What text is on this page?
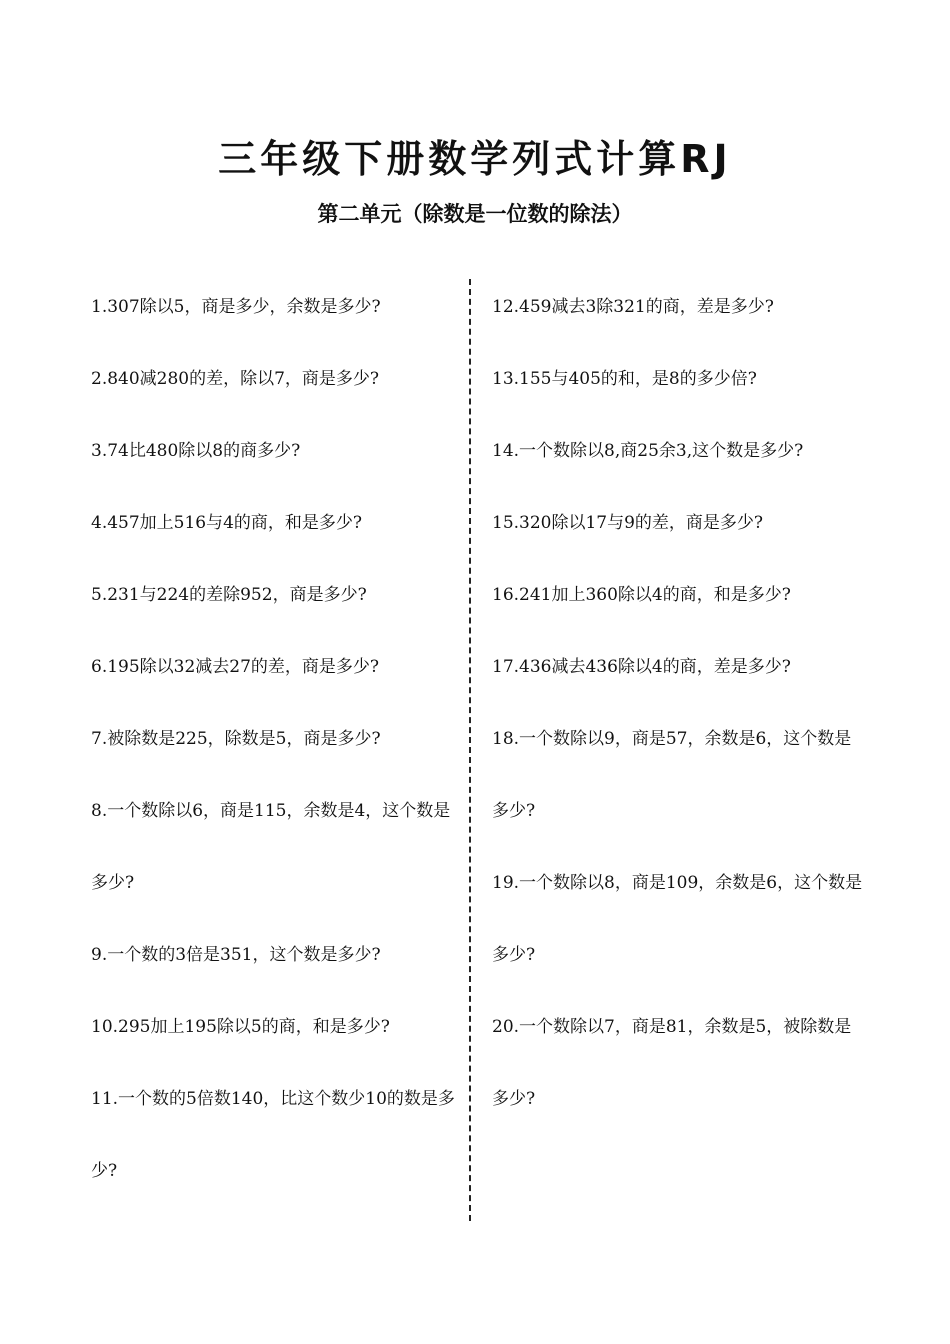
三年级下册数学列式计算RJ
第二单元（除数是一位数的除法）
1.307除以5，商是多少，余数是多少?
2.840减280的差，除以7，商是多少?
3.74比480除以8的商多少?
4.457加上516与4的商，和是多少?
5.231与224的差除952，商是多少?
6.195除以32减去27的差，商是多少?
7.被除数是225，除数是5，商是多少?
8.一个数除以6，商是115，余数是4，这个数是多少?
9.一个数的3倍是351，这个数是多少?
10.295加上195除以5的商，和是多少?
11.一个数的5倍数140，比这个数少10的数是多少?
12.459减去3除321的商，差是多少?
13.155与405的和，是8的多少倍?
14.一个数除以8,商25余3,这个数是多少?
15.320除以17与9的差，商是多少?
16.241加上360除以4的商，和是多少?
17.436减去436除以4的商，差是多少?
18.一个数除以9，商是57，余数是6，这个数是多少?
19.一个数除以8，商是109，余数是6，这个数是多少?
20.一个数除以7，商是81，余数是5，被除数是多少?
